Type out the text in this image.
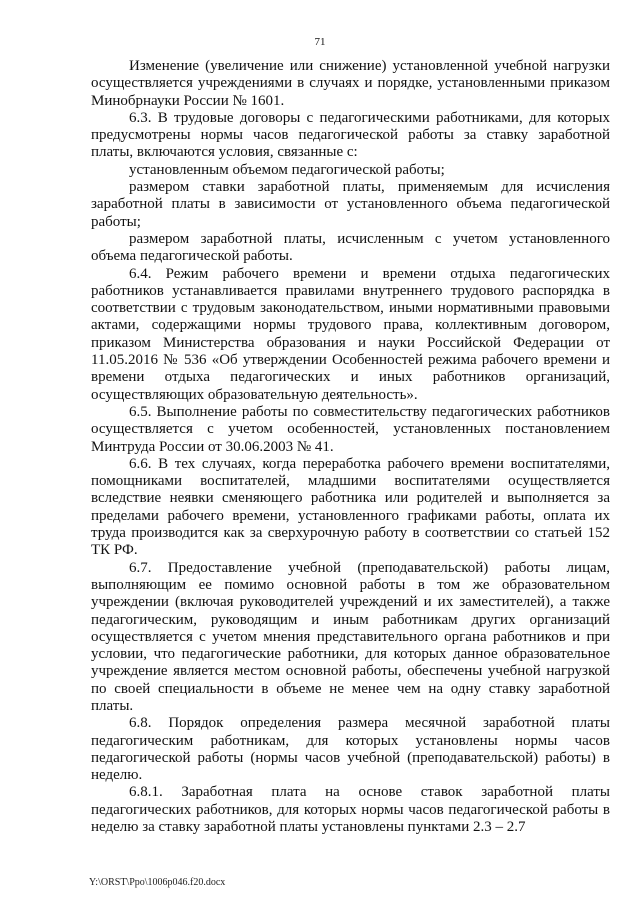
71

Изменение (увеличение или снижение) установленной учебной нагрузки осуществляется учреждениями в случаях и порядке, установленными приказом Минобрнауки России № 1601.

6.3. В трудовые договоры с педагогическими работниками, для которых предусмотрены нормы часов педагогической работы за ставку заработной платы, включаются условия, связанные с:

установленным объемом педагогической работы;

размером ставки заработной платы, применяемым для исчисления заработной платы в зависимости от установленного объема педагогической работы;

размером заработной платы, исчисленным с учетом установленного объема педагогической работы.

6.4. Режим рабочего времени и времени отдыха педагогических работников устанавливается правилами внутреннего трудового распорядка в соответствии с трудовым законодательством, иными нормативными правовыми актами, содержащими нормы трудового права, коллективным договором, приказом Министерства образования и науки Российской Федерации от 11.05.2016 № 536 «Об утверждении Особенностей режима рабочего времени и времени отдыха педагогических и иных работников организаций, осуществляющих образовательную деятельность».

6.5. Выполнение работы по совместительству педагогических работников осуществляется с учетом особенностей, установленных постановлением Минтруда России от 30.06.2003 № 41.

6.6. В тех случаях, когда переработка рабочего времени воспитателями, помощниками воспитателей, младшими воспитателями осуществляется вследствие неявки сменяющего работника или родителей и выполняется за пределами рабочего времени, установленного графиками работы, оплата их труда производится как за сверхурочную работу в соответствии со статьей 152 ТК РФ.

6.7. Предоставление учебной (преподавательской) работы лицам, выполняющим ее помимо основной работы в том же образовательном учреждении (включая руководителей учреждений и их заместителей), а также педагогическим, руководящим и иным работникам других организаций осуществляется с учетом мнения представительного органа работников и при условии, что педагогические работники, для которых данное образовательное учреждение является местом основной работы, обеспечены учебной нагрузкой по своей специальности в объеме не менее чем на одну ставку заработной платы.

6.8. Порядок определения размера месячной заработной платы педагогическим работникам, для которых установлены нормы часов педагогической работы (нормы часов учебной (преподавательской) работы) в неделю.

6.8.1. Заработная плата на основе ставок заработной платы педагогических работников, для которых нормы часов педагогической работы в неделю за ставку заработной платы установлены пунктами 2.3 – 2.7

Y:\ORST\Ppo\1006p046.f20.docx
